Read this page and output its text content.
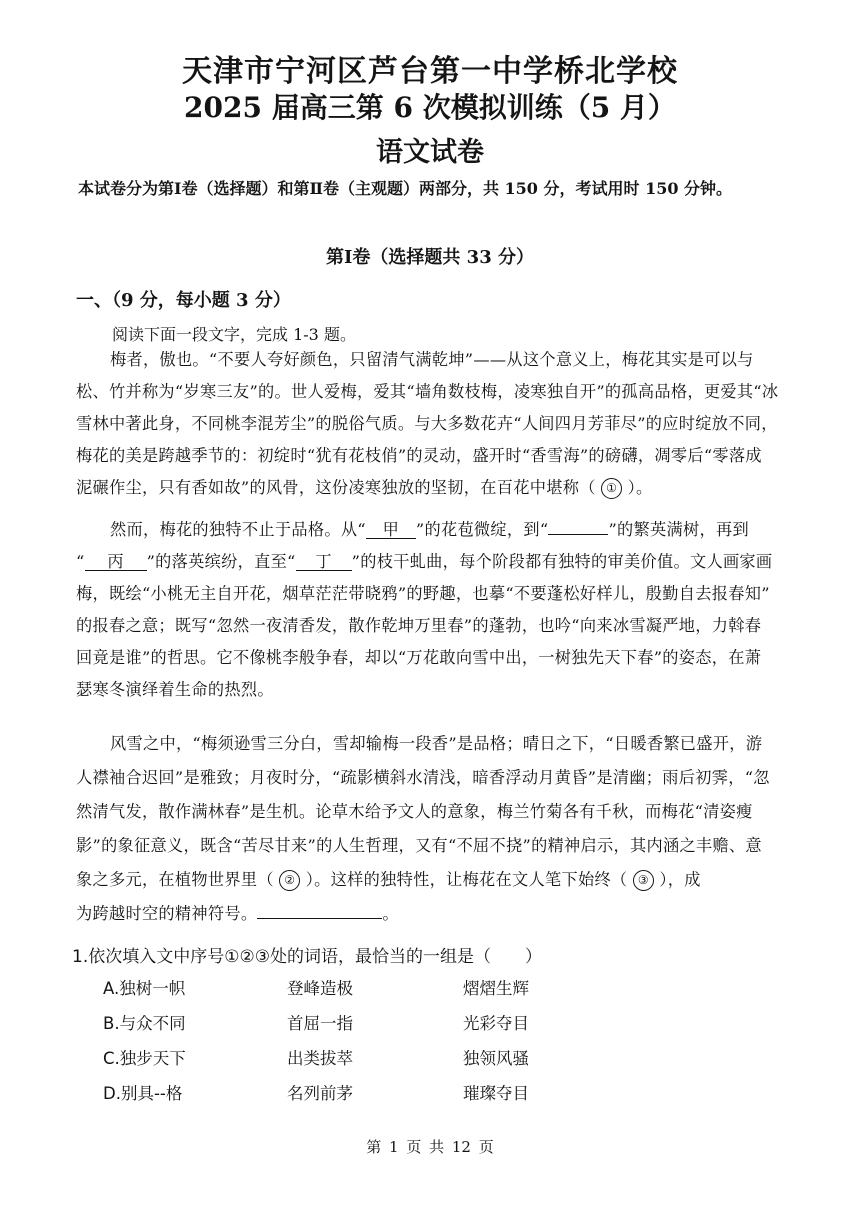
天津市宁河区芦台第一中学桥北学校
2025 届高三第 6 次模拟训练（5 月）
语文试卷

本试卷分为第Ⅰ卷（选择题）和第Ⅱ卷（主观题）两部分，共 150 分，考试用时 150 分钟。

第Ⅰ卷（选择题共 33 分）

一、（9 分，每小题 3 分）

阅读下面一段文字，完成 1-3 题。

梅者，傲也。“不要人夸好颜色，只留清气满乾坤”——从这个意义上，梅花其实是可以与
松、竹并称为“岁寒三友”的。世人爱梅，爱其“墙角数枝梅，凌寒独自开”的孤高品格，更爱其“冰
雪林中著此身，不同桃李混芳尘”的脱俗气质。与大多数花卉“人间四月芳菲尽”的应时绽放不同，
梅花的美是跨越季节的：初绽时“犹有花枝俏”的灵动，盛开时“香雪海”的磅礴，凋零后“零落成
泥碾作尘，只有香如故”的风骨，这份凌寒独放的坚韧，在百花中堪称（ ① ）。
然而，梅花的独特不止于品格。从“ 甲 ”的花苞微绽，到“	”的繁英满树，再到
“ 丙 ”的落英缤纷，直至“ 丁 ”的枝干虬曲，每个阶段都有独特的审美价值。文人画家画
梅，既绘“小桃无主自开花，烟草茫茫带晓鸦”的野趣，也摹“不要蓬松好样儿，殷勤自去报春知”
的报春之意；既写“忽然一夜清香发，散作乾坤万里春”的蓬勃，也吟“向来冰雪凝严地，力斡春
回竟是谁”的哲思。它不像桃李般争春，却以“万花敢向雪中出，一树独先天下春”的姿态，在萧
瑟寒冬演绎着生命的热烈。
风雪之中，“梅须逊雪三分白，雪却输梅一段香”是品格；晴日之下，“日暖香繁已盛开，游
人襟袖合迟回”是雅致；月夜时分，“疏影横斜水清浅，暗香浮动月黄昏”是清幽；雨后初霁，“忽
然清气发，散作满林春”是生机。论草木给予文人的意象，梅兰竹菊各有千秋，而梅花“清姿瘦
影”的象征意义，既含“苦尽甘来”的人生哲理，又有“不屈不挠”的精神启示，其内涵之丰赡、意
象之多元，在植物世界里（ ② ）。这样的独特性，让梅花在文人笔下始终（ ③ ），成
为跨越时空的精神符号。	。

1.依次填入文中序号①②③处的词语，最恰当的一组是（　　）

A.独树一帜	登峰造极	熠熠生辉
B.与众不同	首屈一指	光彩夺目
C.独步天下	出类拔萃	独领风骚
D.别具--格	名列前茅	璀璨夺目

第 1 页 共 12 页
